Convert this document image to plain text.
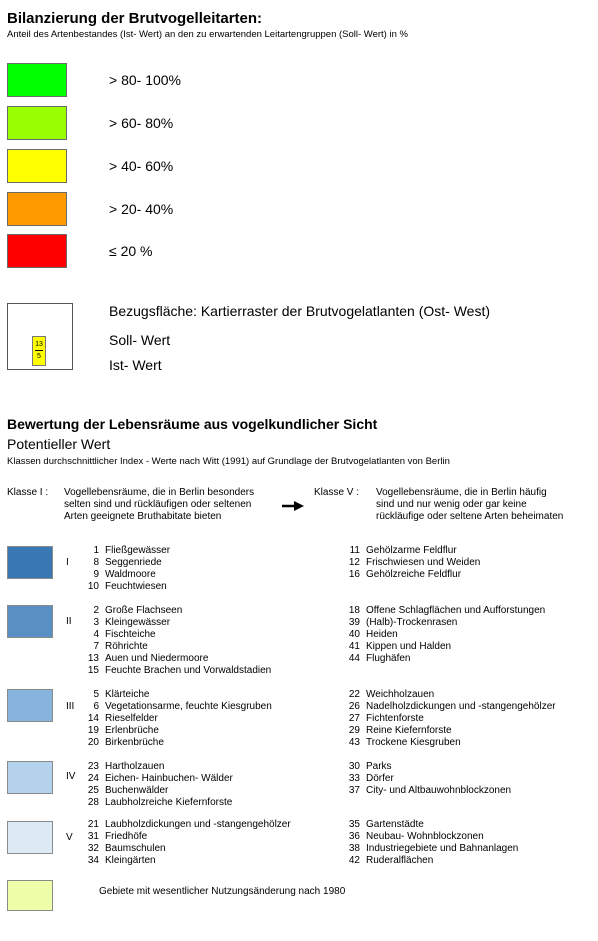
Bilanzierung der Brutvogelleitarten:
Anteil des Artenbestandes (Ist- Wert) an den zu erwartenden Leitartengruppen (Soll- Wert) in %
> 80- 100%
> 60- 80%
> 40- 60%
> 20- 40%
≤ 20 %
13
5
Bezugsfläche: Kartierraster der Brutvogelatlanten (Ost- West)
Soll- Wert
Ist- Wert
Bewertung der Lebensräume aus vogelkundlicher Sicht
Potentieller Wert
Klassen durchschnittlicher Index - Werte nach Witt (1991) auf Grundlage der Brutvogelatlanten von Berlin
Klasse I : Vogellebensräume, die in Berlin besonders
selten sind und rückläufigen oder seltenen
Arten geeignete Bruthabitate bieten
Klasse V : Vogellebensräume, die in Berlin häufig
sind und nur wenig oder gar keine
rückläufige oder seltene Arten beheimaten
I
1 Fließgewässer
8 Seggenriede
9 Waldmoore
10 Feuchtwiesen
11 Gehölzarme Feldflur
12 Frischwiesen und Weiden
16 Gehölzreiche Feldflur
II
2 Große Flachseen
3 Kleingewässer
4 Fischteiche
7 Röhrichte
13 Auen und Niedermoore
15 Feuchte Brachen und Vorwaldstadien
18 Offene Schlagflächen und Aufforstungen
39 (Halb)-Trockenrasen
40 Heiden
41 Kippen und Halden
44 Flughäfen
III
5 Klärteiche
6 Vegetationsarme, feuchte Kiesgruben
14 Rieselfelder
19 Erlenbrüche
20 Birkenbrüche
22 Weichholzauen
26 Nadelholzdickungen und -stangengehölzer
27 Fichtenforste
29 Reine Kiefernforste
43 Trockene Kiesgruben
IV
23 Hartholzauen
24 Eichen- Hainbuchen- Wälder
25 Buchenwälder
28 Laubholzreiche Kiefernforste
30 Parks
33 Dörfer
37 City- und Altbauwohnblockzonen
V
21 Laubholzdickungen und -stangengehölzer
31 Friedhöfe
32 Baumschulen
34 Kleingärten
35 Gartenstädte
36 Neubau- Wohnblockzonen
38 Industriegebiete und Bahnanlagen
42 Ruderalflächen
Gebiete mit wesentlicher Nutzungsänderung nach 1980
